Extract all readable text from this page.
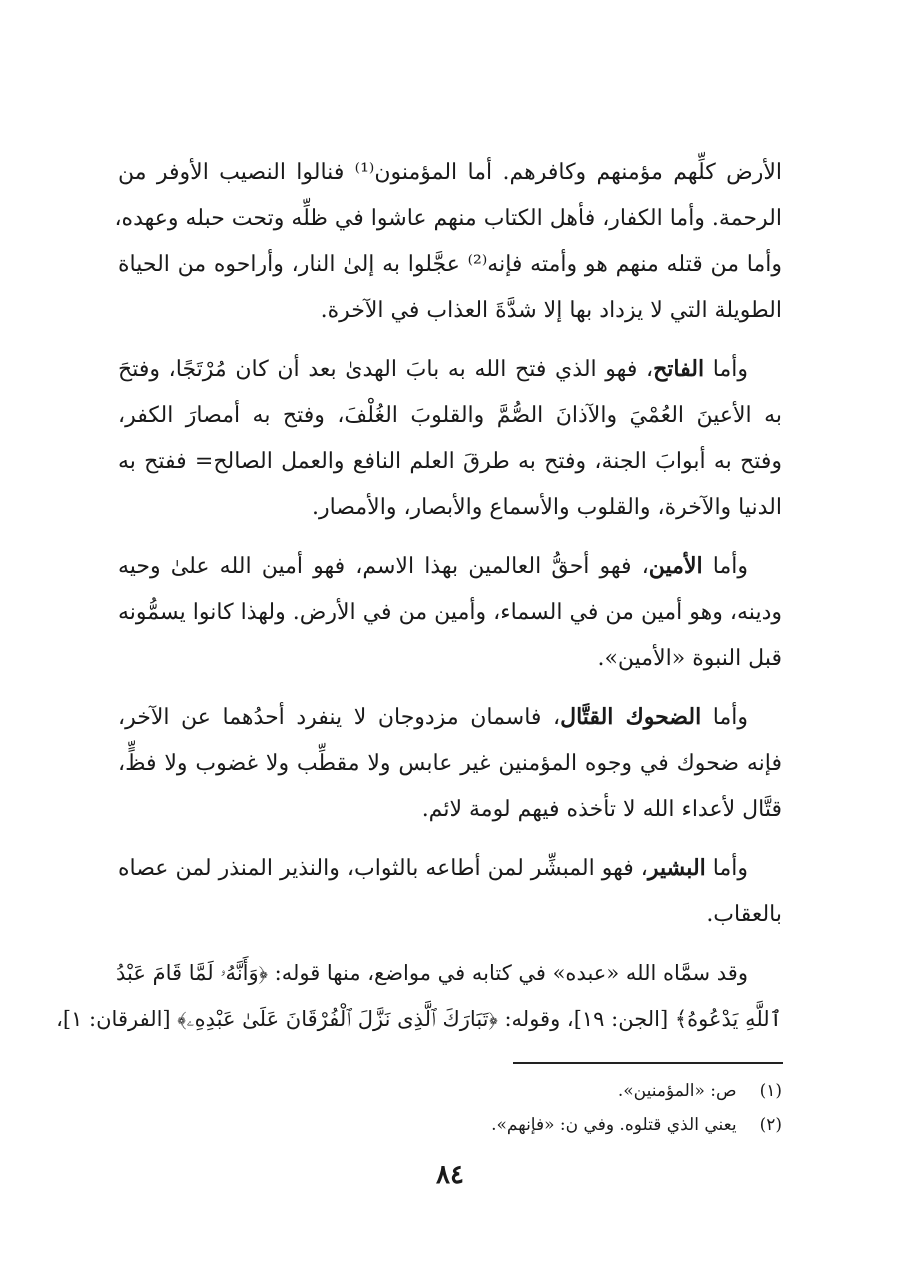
الأرض كلِّهم مؤمنهم وكافرهم. أما المؤمنون⁽¹⁾ فنالوا النصيب الأوفر من
الرحمة. وأما الكفار، فأهل الكتاب منهم عاشوا في ظلِّه وتحت حبله وعهده،
وأما من قتله منهم هو وأمته فإنه⁽²⁾ عجَّلوا به إلىٰ النار، وأراحوه من الحياة
الطويلة التي لا يزداد بها إلا شدَّةَ العذاب في الآخرة.
وأما الفاتح، فهو الذي فتح الله به بابَ الهدىٰ بعد أن كان مُرْتَجًا، وفتحَ
به الأعينَ العُمْيَ والآذانَ الصُّمَّ والقلوبَ الغُلْفَ، وفتح به أمصارَ الكفر،
وفتح به أبوابَ الجنة، وفتح به طرقَ العلم النافع والعمل الصالح= ففتح به
الدنيا والآخرة، والقلوب والأسماع والأبصار، والأمصار.
وأما الأمين، فهو أحقُّ العالمين بهذا الاسم، فهو أمين الله علىٰ وحيه
ودينه، وهو أمين من في السماء، وأمين من في الأرض. ولهذا كانوا يسمُّونه
قبل النبوة «الأمين».
وأما الضحوك القتَّال، فاسمان مزدوجان لا ينفرد أحدُهما عن الآخر،
فإنه ضحوك في وجوه المؤمنين غير عابس ولا مقطِّب ولا غضوب ولا فظٍّ،
قتَّال لأعداء الله لا تأخذه فيهم لومة لائم.
وأما البشير، فهو المبشِّر لمن أطاعه بالثواب، والنذير المنذر لمن عصاه
بالعقاب.
وقد سمَّاه الله «عبده» في كتابه في مواضع، منها قوله: ﴿وَأَنَّهُۥ لَمَّا قَامَ عَبْدُ
ٱللَّهِ يَدْعُوهُ﴾ [الجن: ١٩]، وقوله: ﴿تَبَارَكَ ٱلَّذِى نَزَّلَ ٱلْفُرْقَانَ عَلَىٰ عَبْدِهِۦ﴾ [الفرقان: ١]،
(١) ص: «المؤمنين».
(٢) يعني الذي قتلوه. وفي ن: «فإنهم».
٨٤
